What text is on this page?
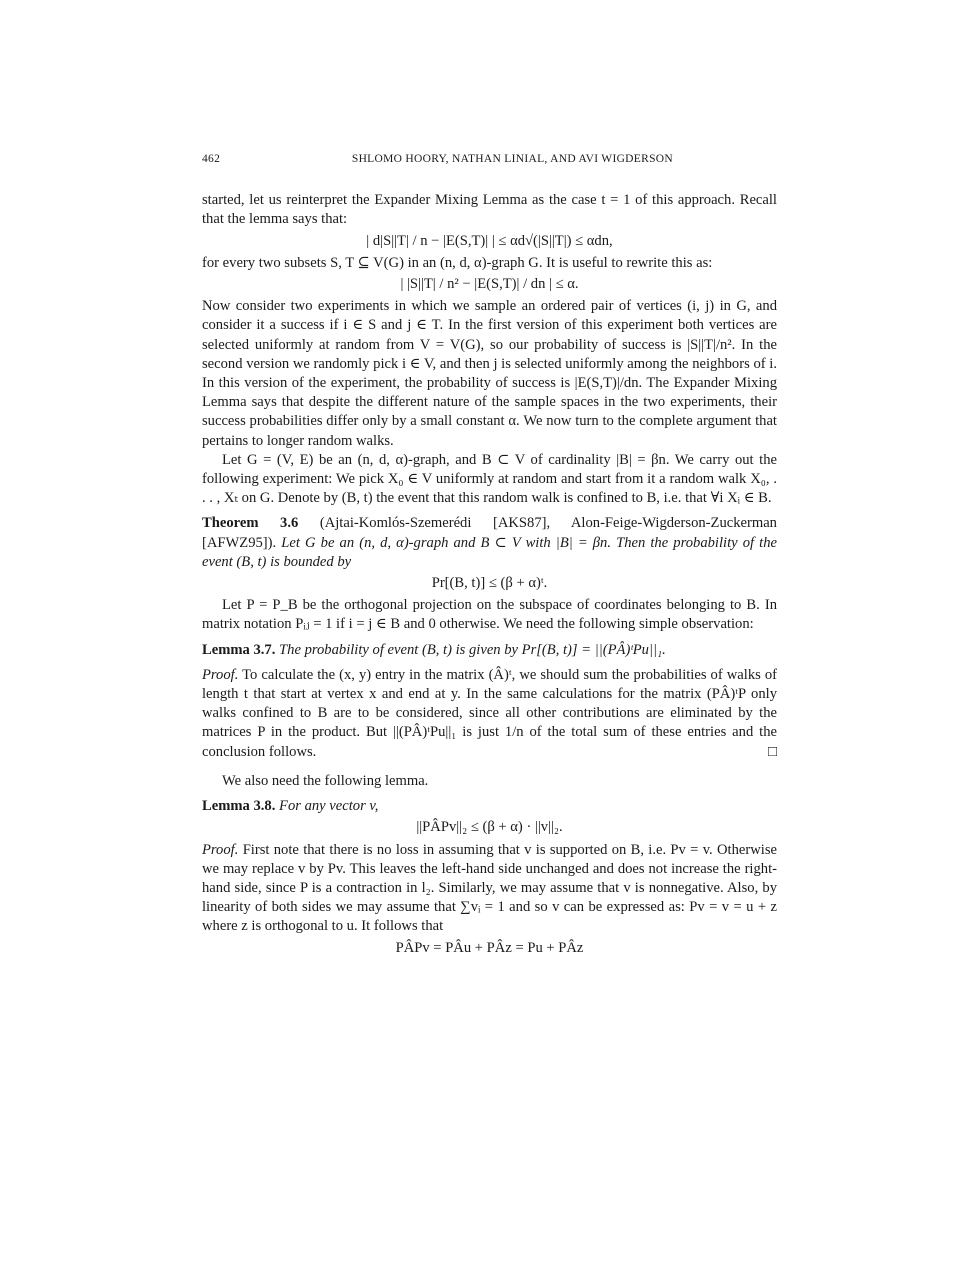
462	SHLOMO HOORY, NATHAN LINIAL, AND AVI WIGDERSON

started, let us reinterpret the Expander Mixing Lemma as the case t = 1 of this approach. Recall that the lemma says that:

| d|S||T| / n − |E(S,T)| | ≤ αd√(|S||T|) ≤ αdn,

for every two subsets S, T ⊆ V(G) in an (n, d, α)-graph G. It is useful to rewrite this as:

| |S||T| / n² − |E(S,T)| / dn | ≤ α.

Now consider two experiments in which we sample an ordered pair of vertices (i, j) in G, and consider it a success if i ∈ S and j ∈ T. In the first version of this experiment both vertices are selected uniformly at random from V = V(G), so our probability of success is |S||T|/n². In the second version we randomly pick i ∈ V, and then j is selected uniformly among the neighbors of i. In this version of the experiment, the probability of success is |E(S,T)|/dn. The Expander Mixing Lemma says that despite the different nature of the sample spaces in the two experiments, their success probabilities differ only by a small constant α. We now turn to the complete argument that pertains to longer random walks.

Let G = (V, E) be an (n, d, α)-graph, and B ⊂ V of cardinality |B| = βn. We carry out the following experiment: We pick X₀ ∈ V uniformly at random and start from it a random walk X₀, . . . , Xₜ on G. Denote by (B, t) the event that this random walk is confined to B, i.e. that ∀i Xᵢ ∈ B.

Theorem 3.6 (Ajtai-Komlós-Szemerédi [AKS87], Alon-Feige-Wigderson-Zuckerman [AFWZ95]). Let G be an (n, d, α)-graph and B ⊂ V with |B| = βn. Then the probability of the event (B, t) is bounded by

Pr[(B, t)] ≤ (β + α)ᵗ.

Let P = P_B be the orthogonal projection on the subspace of coordinates belonging to B. In matrix notation Pᵢⱼ = 1 if i = j ∈ B and 0 otherwise. We need the following simple observation:

Lemma 3.7. The probability of event (B, t) is given by Pr[(B, t)] = ||(PÂ)ᵗPu||₁.

Proof. To calculate the (x, y) entry in the matrix (Â)ᵗ, we should sum the probabilities of walks of length t that start at vertex x and end at y. In the same calculations for the matrix (PÂ)ᵗP only walks confined to B are to be considered, since all other contributions are eliminated by the matrices P in the product. But ||(PÂ)ᵗPu||₁ is just 1/n of the total sum of these entries and the conclusion follows.	□

We also need the following lemma.

Lemma 3.8. For any vector v,

||PÂPv||₂ ≤ (β + α) · ||v||₂.

Proof. First note that there is no loss in assuming that v is supported on B, i.e. Pv = v. Otherwise we may replace v by Pv. This leaves the left-hand side unchanged and does not increase the right-hand side, since P is a contraction in l₂. Similarly, we may assume that v is nonnegative. Also, by linearity of both sides we may assume that ∑vᵢ = 1 and so v can be expressed as: Pv = v = u + z where z is orthogonal to u. It follows that

PÂPv = PÂu + PÂz = Pu + PÂz
